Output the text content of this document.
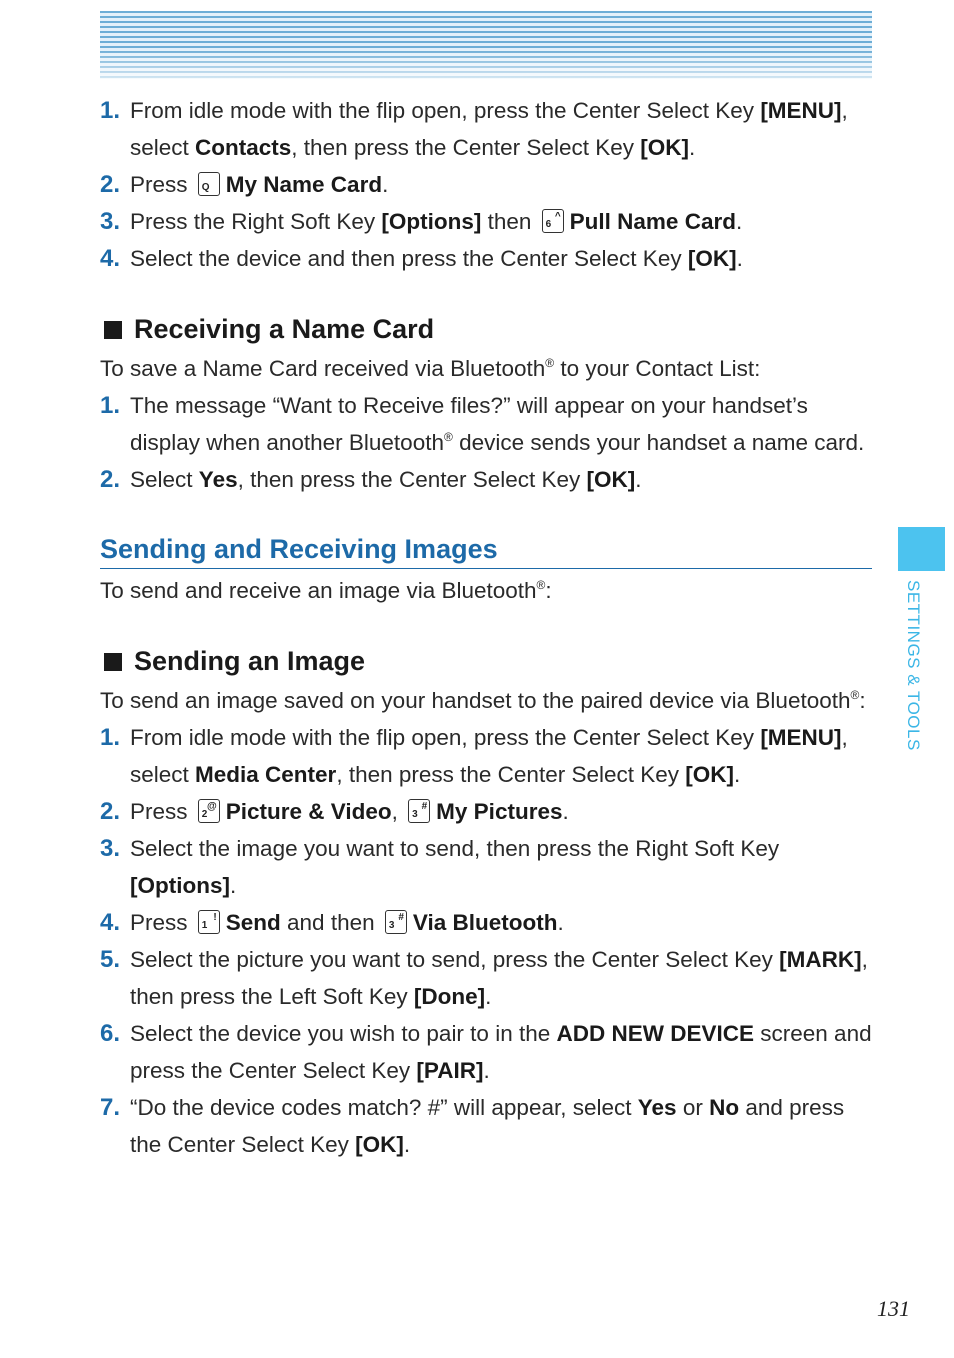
1. From idle mode with the flip open, press the Center Select Key [MENU], select Contacts, then press the Center Select Key [OK].
2. Press Q My Name Card.
3. Press the Right Soft Key [Options] then 6
^ Pull Name Card.
4. Select the device and then press the Center Select Key [OK].
Receiving a Name Card

To save a Name Card received via Bluetooth® to your Contact List:

1. The message “Want to Receive files?” will appear on your handset’s display when another Bluetooth® device sends your handset a name card.
2. Select Yes, then press the Center Select Key [OK].
Sending and Receiving Images

To send and receive an image via Bluetooth®:

Sending an Image

To send an image saved on your handset to the paired device via Bluetooth®:

1. From idle mode with the flip open, press the Center Select Key [MENU], select Media Center, then press the Center Select Key [OK].
2. Press 2
@ Picture & Video, 3
# My Pictures.
3. Select the image you want to send, then press the Right Soft Key [Options].
4. Press 1
! Send and then 3
# Via Bluetooth.
5. Select the picture you want to send, press the Center Select Key [MARK], then press the Left Soft Key [Done].
6. Select the device you wish to pair to in the ADD NEW DEVICE screen and press the Center Select Key [PAIR].
7. “Do the device codes match? #” will appear, select Yes or No and press the Center Select Key [OK].
SETTINGS & TOOLS
131
